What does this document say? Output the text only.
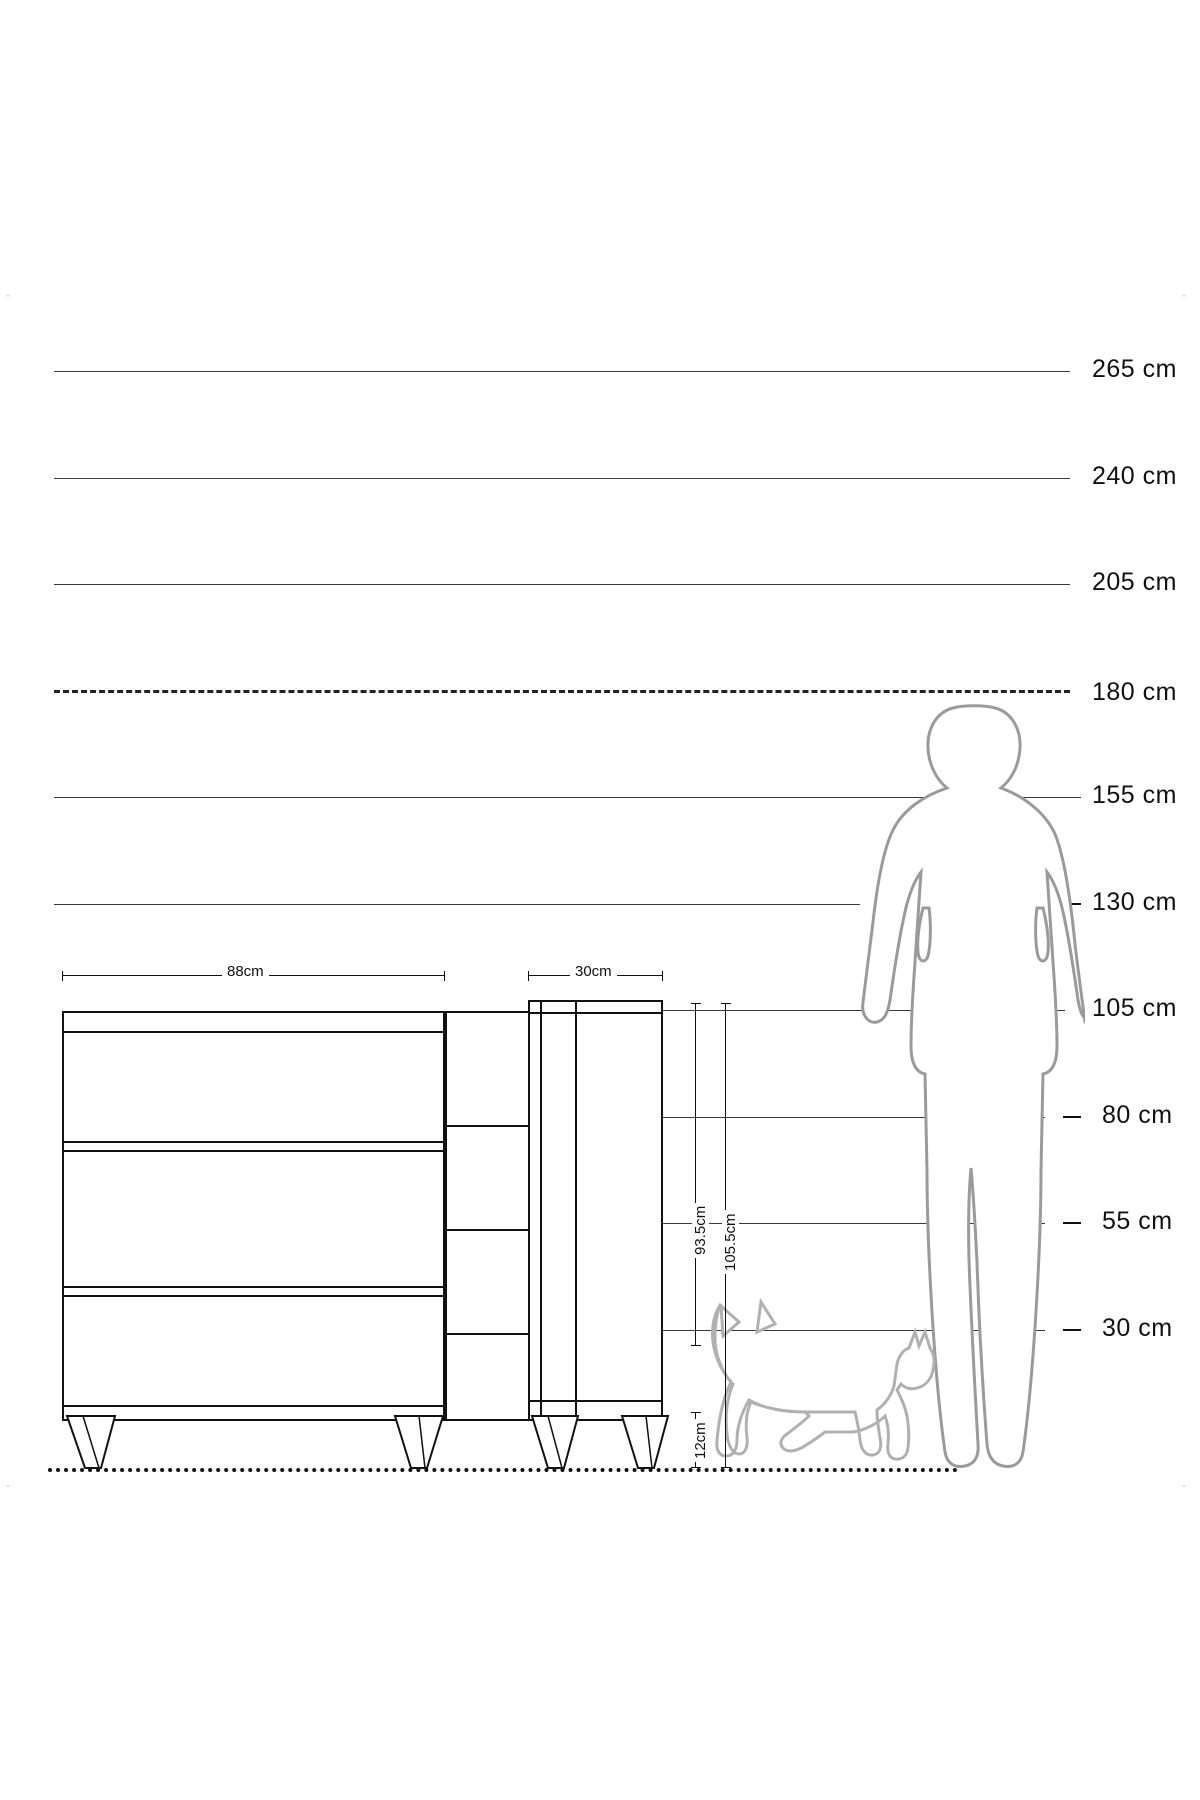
·	·
·	·
265 cm
240 cm
205 cm
180 cm
155 cm
130 cm
105 cm
80 cm
55 cm
30 cm
88cm	30cm
93.5cm 105.5cm
12cm
